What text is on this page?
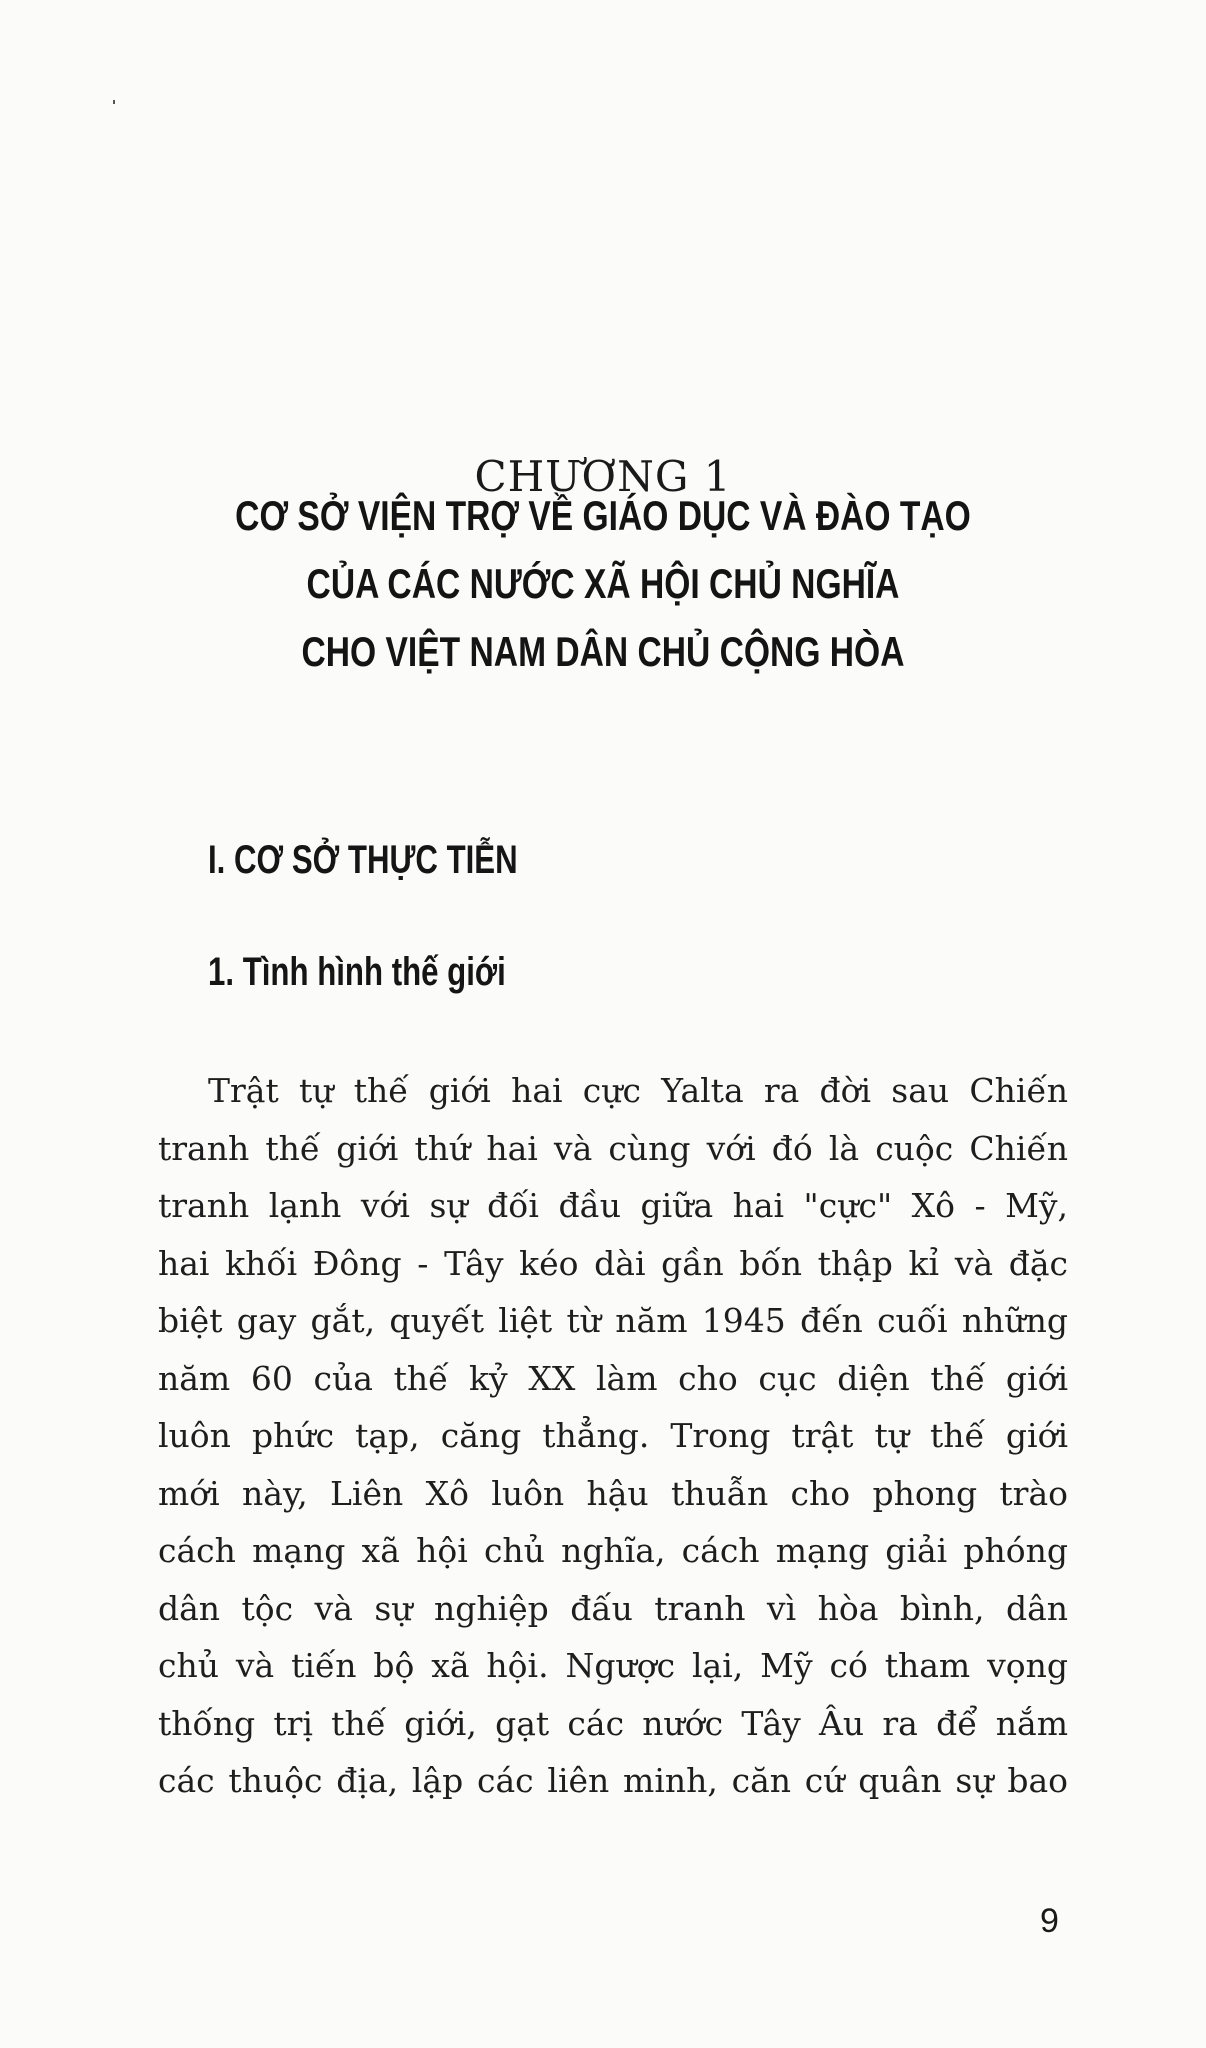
CHƯƠNG 1
CƠ SỞ VIỆN TRỢ VỀ GIÁO DỤC VÀ ĐÀO TẠO
CỦA CÁC NƯỚC XÃ HỘI CHỦ NGHĨA
CHO VIỆT NAM DÂN CHỦ CỘNG HÒA
I. CƠ SỞ THỰC TIỄN
1. Tình hình thế giới
Trật tự thế giới hai cực Yalta ra đời sau Chiến
tranh thế giới thứ hai và cùng với đó là cuộc Chiến
tranh lạnh với sự đối đầu giữa hai "cực" Xô - Mỹ,
hai khối Đông - Tây kéo dài gần bốn thập kỉ và đặc
biệt gay gắt, quyết liệt từ năm 1945 đến cuối những
năm 60 của thế kỷ XX làm cho cục diện thế giới
luôn phức tạp, căng thẳng. Trong trật tự thế giới
mới này, Liên Xô luôn hậu thuẫn cho phong trào
cách mạng xã hội chủ nghĩa, cách mạng giải phóng
dân tộc và sự nghiệp đấu tranh vì hòa bình, dân
chủ và tiến bộ xã hội. Ngược lại, Mỹ có tham vọng
thống trị thế giới, gạt các nước Tây Âu ra để nắm
các thuộc địa, lập các liên minh, căn cứ quân sự bao
9
